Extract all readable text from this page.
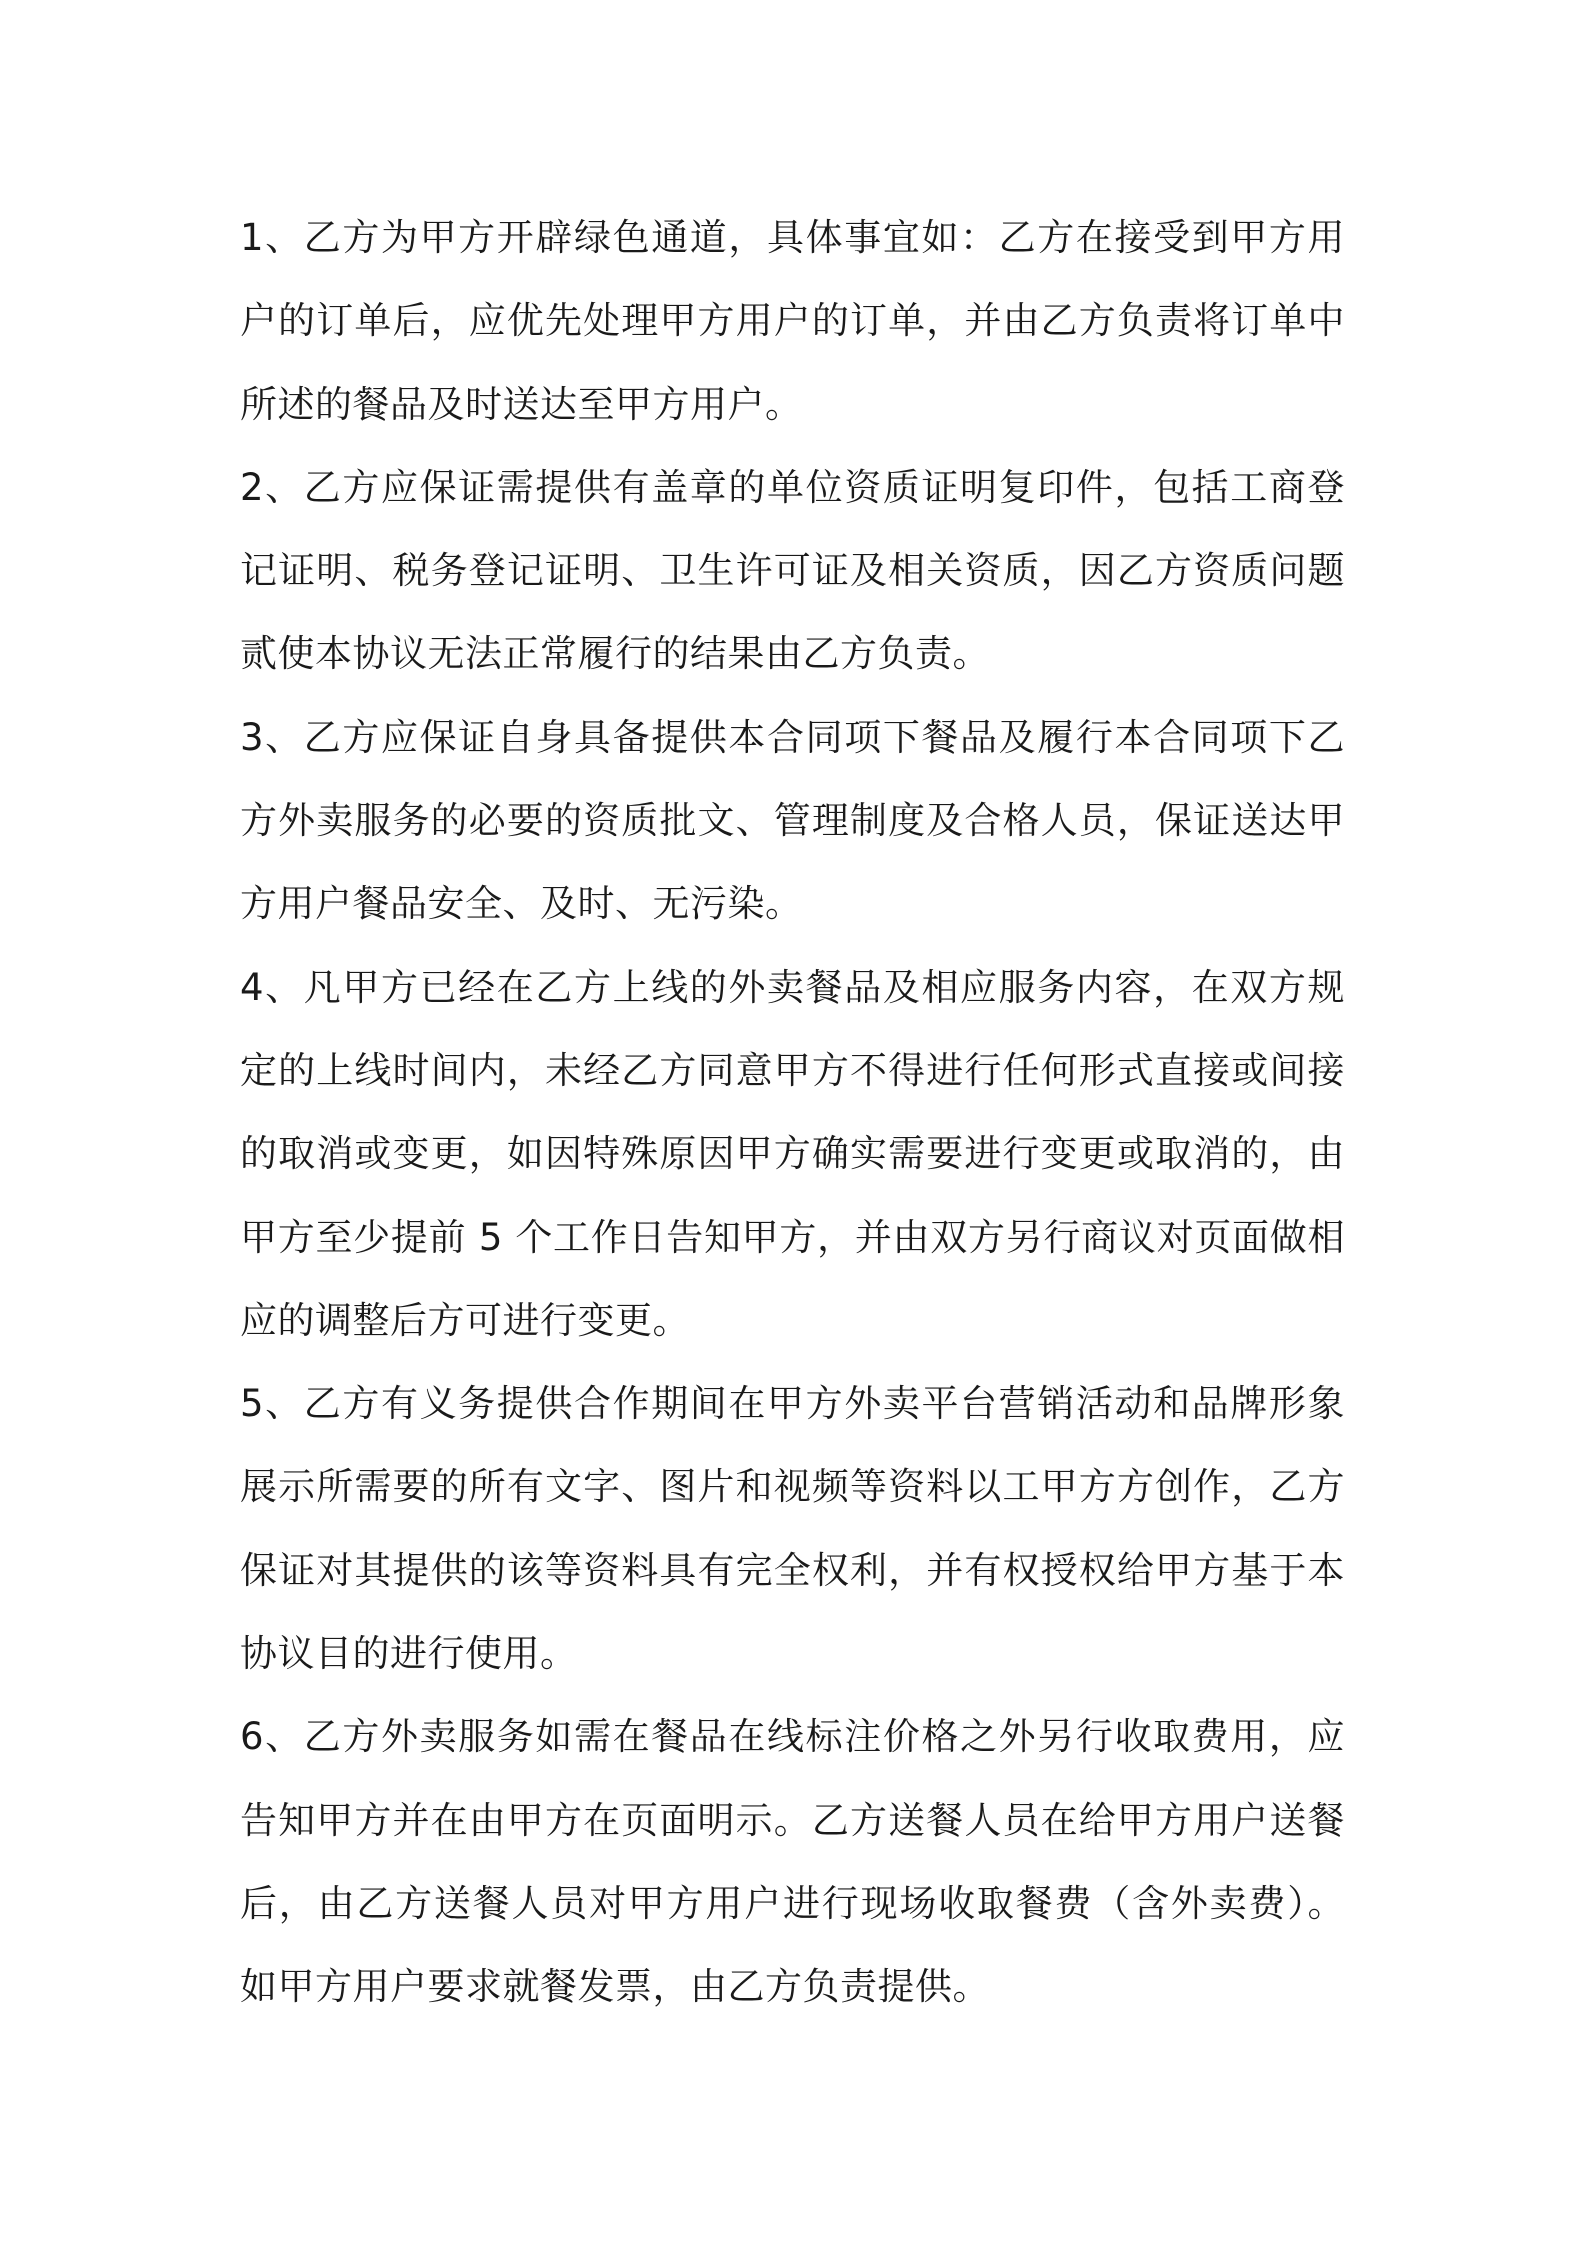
1、乙方为甲方开辟绿色通道，具体事宜如：乙方在接受到甲方用户的订单后，应优先处理甲方用户的订单，并由乙方负责将订单中所述的餐品及时送达至甲方用户。

2、乙方应保证需提供有盖章的单位资质证明复印件，包括工商登记证明、税务登记证明、卫生许可证及相关资质，因乙方资质问题贰使本协议无法正常履行的结果由乙方负责。

3、乙方应保证自身具备提供本合同项下餐品及履行本合同项下乙方外卖服务的必要的资质批文、管理制度及合格人员，保证送达甲方用户餐品安全、及时、无污染。

4、凡甲方已经在乙方上线的外卖餐品及相应服务内容，在双方规定的上线时间内，未经乙方同意甲方不得进行任何形式直接或间接的取消或变更，如因特殊原因甲方确实需要进行变更或取消的，由甲方至少提前 5 个工作日告知甲方，并由双方另行商议对页面做相应的调整后方可进行变更。

5、乙方有义务提供合作期间在甲方外卖平台营销活动和品牌形象展示所需要的所有文字、图片和视频等资料以工甲方方创作，乙方保证对其提供的该等资料具有完全权利，并有权授权给甲方基于本协议目的进行使用。

6、乙方外卖服务如需在餐品在线标注价格之外另行收取费用，应告知甲方并在由甲方在页面明示。乙方送餐人员在给甲方用户送餐后，由乙方送餐人员对甲方用户进行现场收取餐费（含外卖费）。如甲方用户要求就餐发票，由乙方负责提供。
